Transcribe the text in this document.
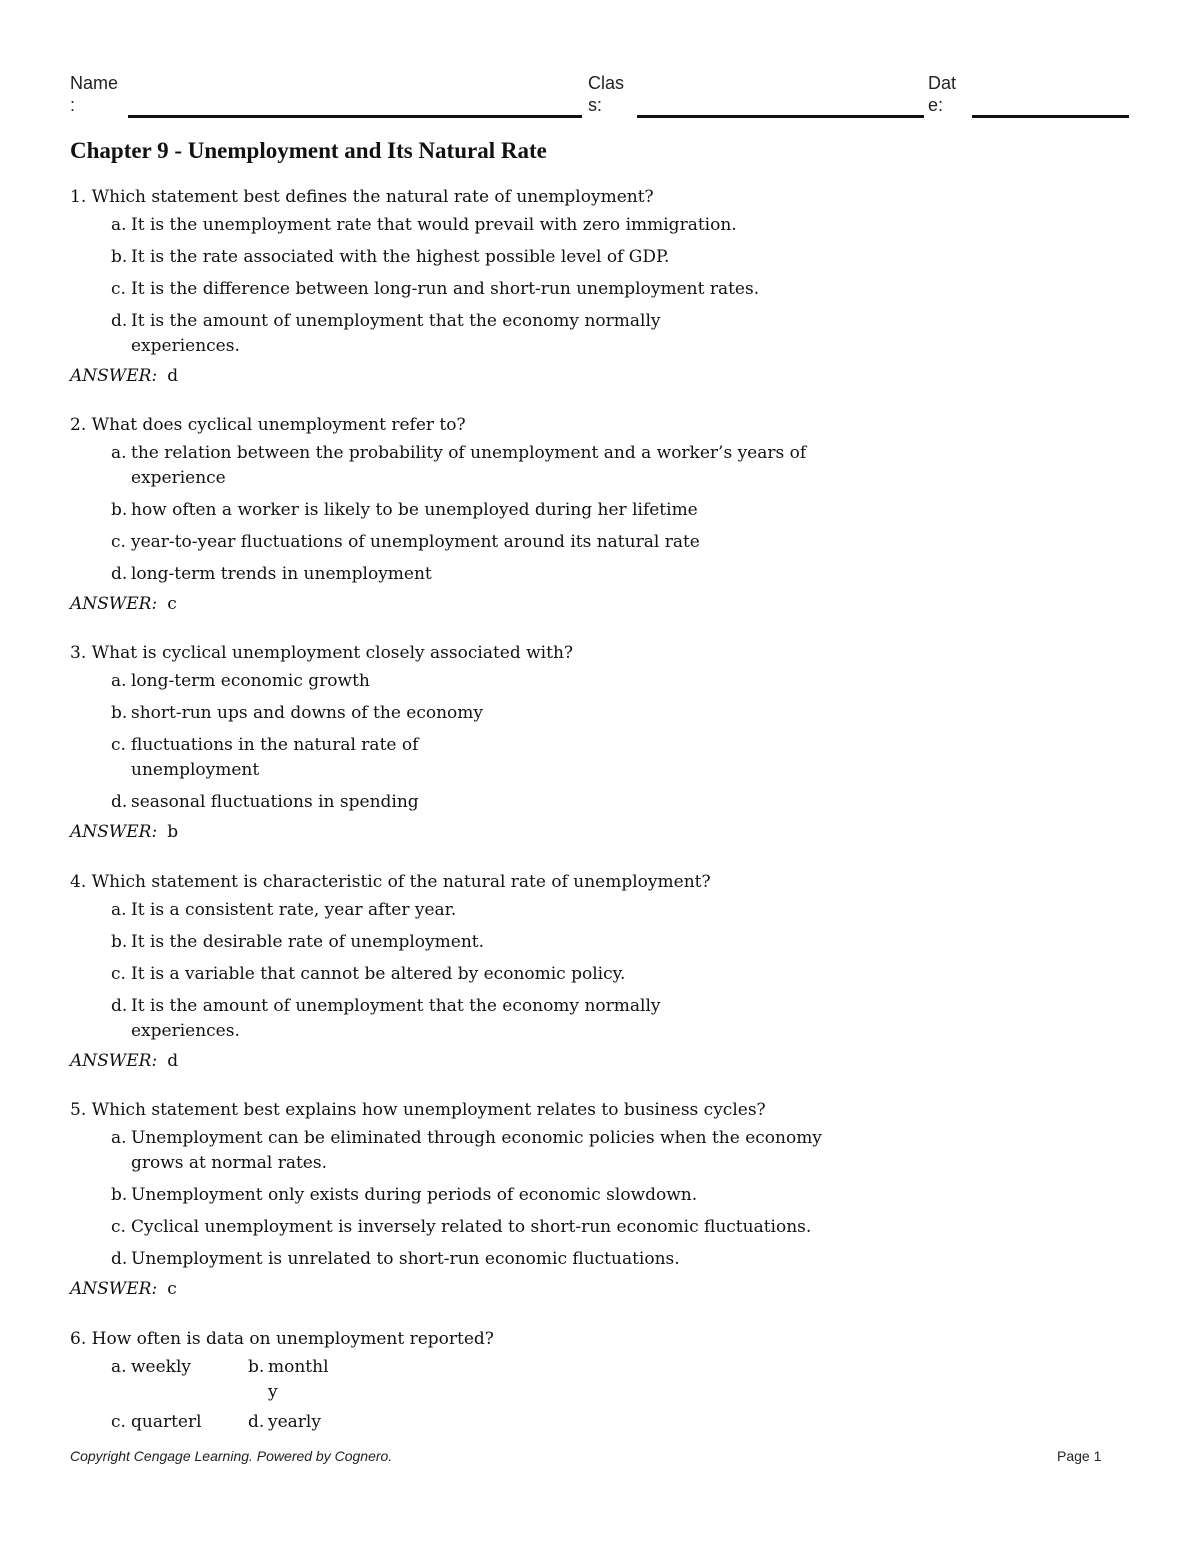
Name
:
Clas
s:
Dat
e:
Chapter 9 - Unemployment and Its Natural Rate
1. Which statement best defines the natural rate of unemployment?
a. It is the unemployment rate that would prevail with zero immigration.
b. It is the rate associated with the highest possible level of GDP.
c. It is the difference between long-run and short-run unemployment rates.
d. It is the amount of unemployment that the economy normally experiences.
ANSWER: d
2. What does cyclical unemployment refer to?
a. the relation between the probability of unemployment and a worker’s years of experience
b. how often a worker is likely to be unemployed during her lifetime
c. year-to-year fluctuations of unemployment around its natural rate
d. long-term trends in unemployment
ANSWER: c
3. What is cyclical unemployment closely associated with?
a. long-term economic growth
b. short-run ups and downs of the economy
c. fluctuations in the natural rate of unemployment
d. seasonal fluctuations in spending
ANSWER: b
4. Which statement is characteristic of the natural rate of unemployment?
a. It is a consistent rate, year after year.
b. It is the desirable rate of unemployment.
c. It is a variable that cannot be altered by economic policy.
d. It is the amount of unemployment that the economy normally experiences.
ANSWER: d
5. Which statement best explains how unemployment relates to business cycles?
a. Unemployment can be eliminated through economic policies when the economy grows at normal rates.
b. Unemployment only exists during periods of economic slowdown.
c. Cyclical unemployment is inversely related to short-run economic fluctuations.
d. Unemployment is unrelated to short-run economic fluctuations.
ANSWER: c
6. How often is data on unemployment reported?
a. weekly	b. monthly
c. quarterl	d. yearly
Copyright Cengage Learning. Powered by Cognero.	Page 1
